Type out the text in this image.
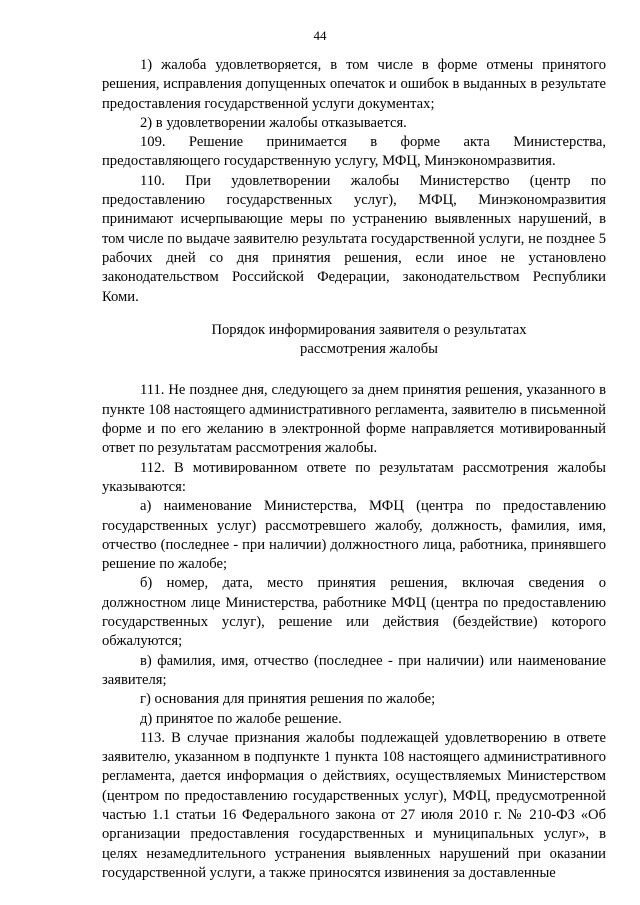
44

1) жалоба удовлетворяется, в том числе в форме отмены принятого решения, исправления допущенных опечаток и ошибок в выданных в результате предоставления государственной услуги документах;

2) в удовлетворении жалобы отказывается.

109. Решение принимается в форме акта Министерства, предоставляющего государственную услугу, МФЦ, Минэкономразвития.

110. При удовлетворении жалобы Министерство (центр по предоставлению государственных услуг), МФЦ, Минэкономразвития принимают исчерпывающие меры по устранению выявленных нарушений, в том числе по выдаче заявителю результата государственной услуги, не позднее 5 рабочих дней со дня принятия решения, если иное не установлено законодательством Российской Федерации, законодательством Республики Коми.

Порядок информирования заявителя о результатах
рассмотрения жалобы

111. Не позднее дня, следующего за днем принятия решения, указанного в пункте 108 настоящего административного регламента, заявителю в письменной форме и по его желанию в электронной форме направляется мотивированный ответ по результатам рассмотрения жалобы.

112. В мотивированном ответе по результатам рассмотрения жалобы указываются:

а) наименование Министерства, МФЦ (центра по предоставлению государственных услуг) рассмотревшего жалобу, должность, фамилия, имя, отчество (последнее - при наличии) должностного лица, работника, принявшего решение по жалобе;

б) номер, дата, место принятия решения, включая сведения о должностном лице Министерства, работнике МФЦ (центра по предоставлению государственных услуг), решение или действия (бездействие) которого обжалуются;

в) фамилия, имя, отчество (последнее - при наличии) или наименование заявителя;

г) основания для принятия решения по жалобе;

д) принятое по жалобе решение.

113. В случае признания жалобы подлежащей удовлетворению в ответе заявителю, указанном в подпункте 1 пункта 108 настоящего административного регламента, дается информация о действиях, осуществляемых Министерством (центром по предоставлению государственных услуг), МФЦ, предусмотренной частью 1.1 статьи 16 Федерального закона от 27 июля 2010 г. № 210-ФЗ «Об организации предоставления государственных и муниципальных услуг», в целях незамедлительного устранения выявленных нарушений при оказании государственной услуги, а также приносятся извинения за доставленные
